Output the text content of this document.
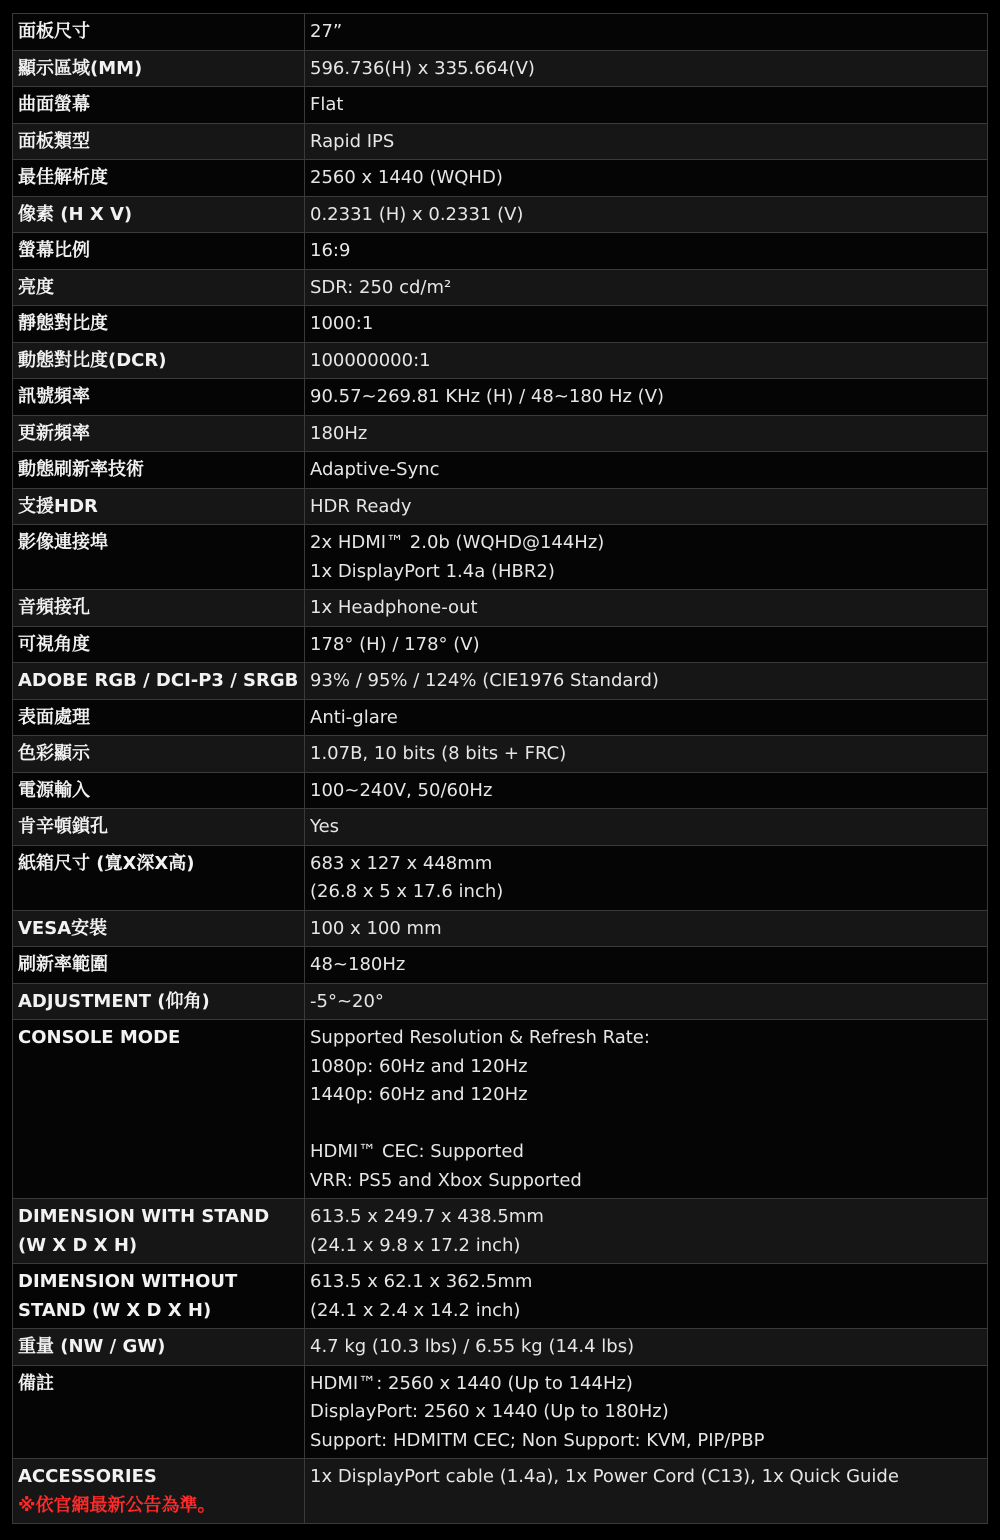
面板尺寸	27”

顯示區域(MM)	596.736(H) x 335.664(V)

曲面螢幕	Flat

面板類型	Rapid IPS

最佳解析度	2560 x 1440 (WQHD)

像素 (H X V)	0.2331 (H) x 0.2331 (V)

螢幕比例	16:9

亮度	SDR: 250 cd/m²

靜態對比度	1000:1

動態對比度(DCR)	100000000:1

訊號頻率	90.57~269.81 KHz (H) / 48~180 Hz (V)

更新頻率	180Hz

動態刷新率技術	Adaptive-Sync

支援HDR	HDR Ready

影像連接埠	2x HDMI™ 2.0b (WQHD@144Hz)
1x DisplayPort 1.4a (HBR2)

音頻接孔	1x Headphone-out

可視角度	178° (H) / 178° (V)

ADOBE RGB / DCI-P3 / SRGB	93% / 95% / 124% (CIE1976 Standard)

表面處理	Anti-glare

色彩顯示	1.07B, 10 bits (8 bits + FRC)

電源輸入	100~240V, 50/60Hz

肯辛頓鎖孔	Yes

紙箱尺寸 (寬X深X高)	683 x 127 x 448mm
(26.8 x 5 x 17.6 inch)

VESA安裝	100 x 100 mm

刷新率範圍	48~180Hz

ADJUSTMENT (仰角)	-5°~20°

CONSOLE MODE	Supported Resolution & Refresh Rate:
1080p: 60Hz and 120Hz
1440p: 60Hz and 120Hz
HDMI™ CEC: Supported
VRR: PS5 and Xbox Supported

DIMENSION WITH STAND (W X D X H)	613.5 x 249.7 x 438.5mm
(24.1 x 9.8 x 17.2 inch)

DIMENSION WITHOUT STAND (W X D X H)	613.5 x 62.1 x 362.5mm
(24.1 x 2.4 x 14.2 inch)

重量 (NW / GW)	4.7 kg (10.3 lbs) / 6.55 kg (14.4 lbs)

備註	HDMI™: 2560 x 1440 (Up to 144Hz)
DisplayPort: 2560 x 1440 (Up to 180Hz)
Support: HDMITM CEC; Non Support: KVM, PIP/PBP

ACCESSORIES
※依官網最新公告為準。	1x DisplayPort cable (1.4a), 1x Power Cord (C13), 1x Quick Guide
